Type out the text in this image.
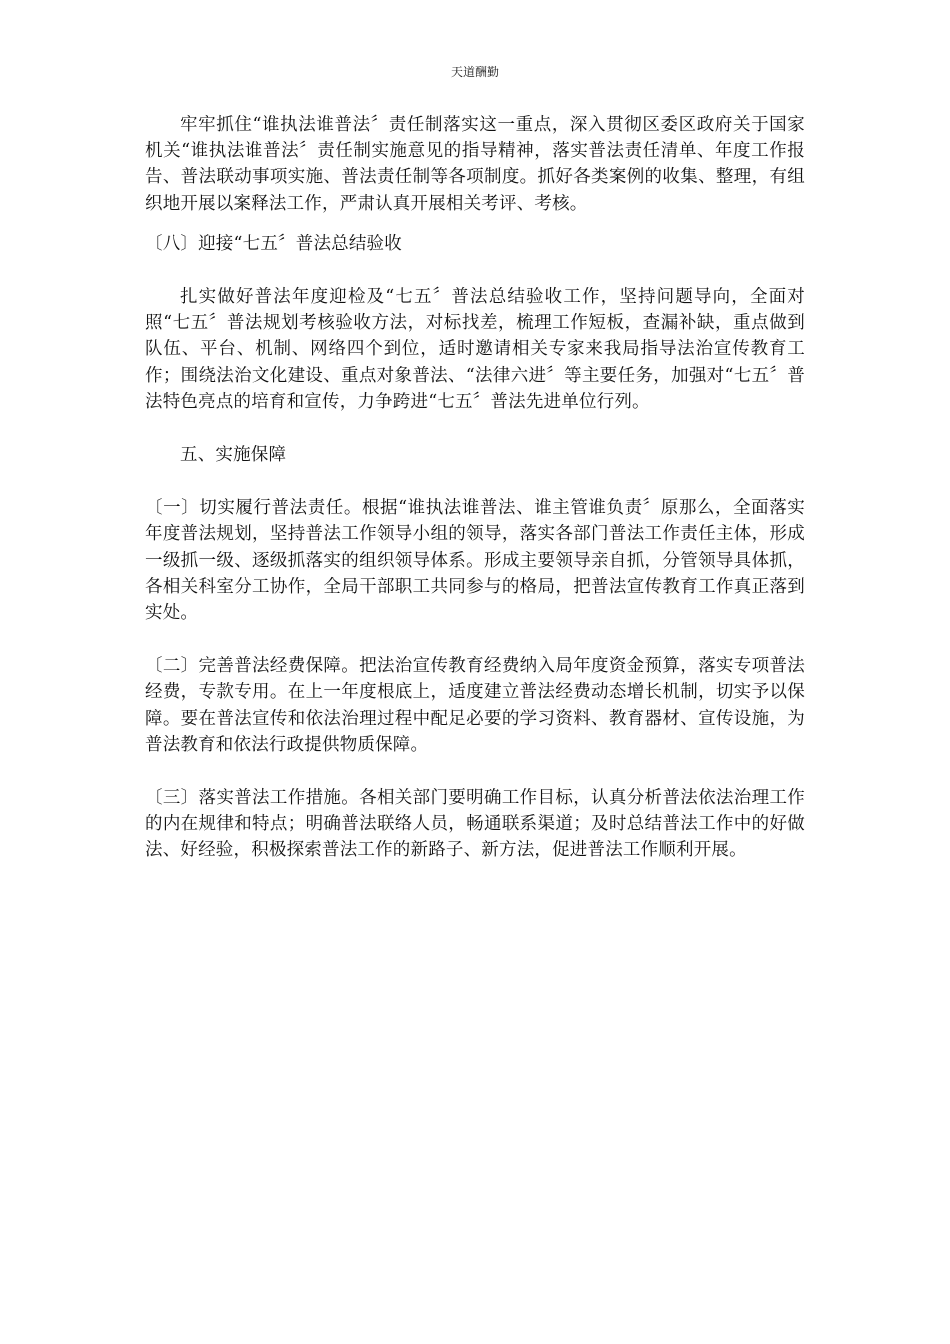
天道酬勤

牢牢抓住“谁执法谁普法〞责任制落实这一重点，深入贯彻区委区政府关于国家机关“谁执法谁普法〞责任制实施意见的指导精神，落实普法责任清单、年度工作报告、普法联动事项实施、普法责任制等各项制度。抓好各类案例的收集、整理，有组织地开展以案释法工作，严肃认真开展相关考评、考核。

〔八〕迎接“七五〞普法总结验收

扎实做好普法年度迎检及“七五〞普法总结验收工作，坚持问题导向，全面对照“七五〞普法规划考核验收方法，对标找差，梳理工作短板，查漏补缺，重点做到队伍、平台、机制、网络四个到位，适时邀请相关专家来我局指导法治宣传教育工作；围绕法治文化建设、重点对象普法、“法律六进〞等主要任务，加强对“七五〞普法特色亮点的培育和宣传，力争跨进“七五〞普法先进单位行列。

五、实施保障

〔一〕切实履行普法责任。根据“谁执法谁普法、谁主管谁负责〞原那么，全面落实年度普法规划，坚持普法工作领导小组的领导，落实各部门普法工作责任主体，形成一级抓一级、逐级抓落实的组织领导体系。形成主要领导亲自抓，分管领导具体抓，各相关科室分工协作，全局干部职工共同参与的格局，把普法宣传教育工作真正落到实处。

〔二〕完善普法经费保障。把法治宣传教育经费纳入局年度资金预算，落实专项普法经费，专款专用。在上一年度根底上，适度建立普法经费动态增长机制，切实予以保障。要在普法宣传和依法治理过程中配足必要的学习资料、教育器材、宣传设施，为普法教育和依法行政提供物质保障。

〔三〕落实普法工作措施。各相关部门要明确工作目标，认真分析普法依法治理工作的内在规律和特点；明确普法联络人员，畅通联系渠道；及时总结普法工作中的好做法、好经验，积极探索普法工作的新路子、新方法，促进普法工作顺利开展。
